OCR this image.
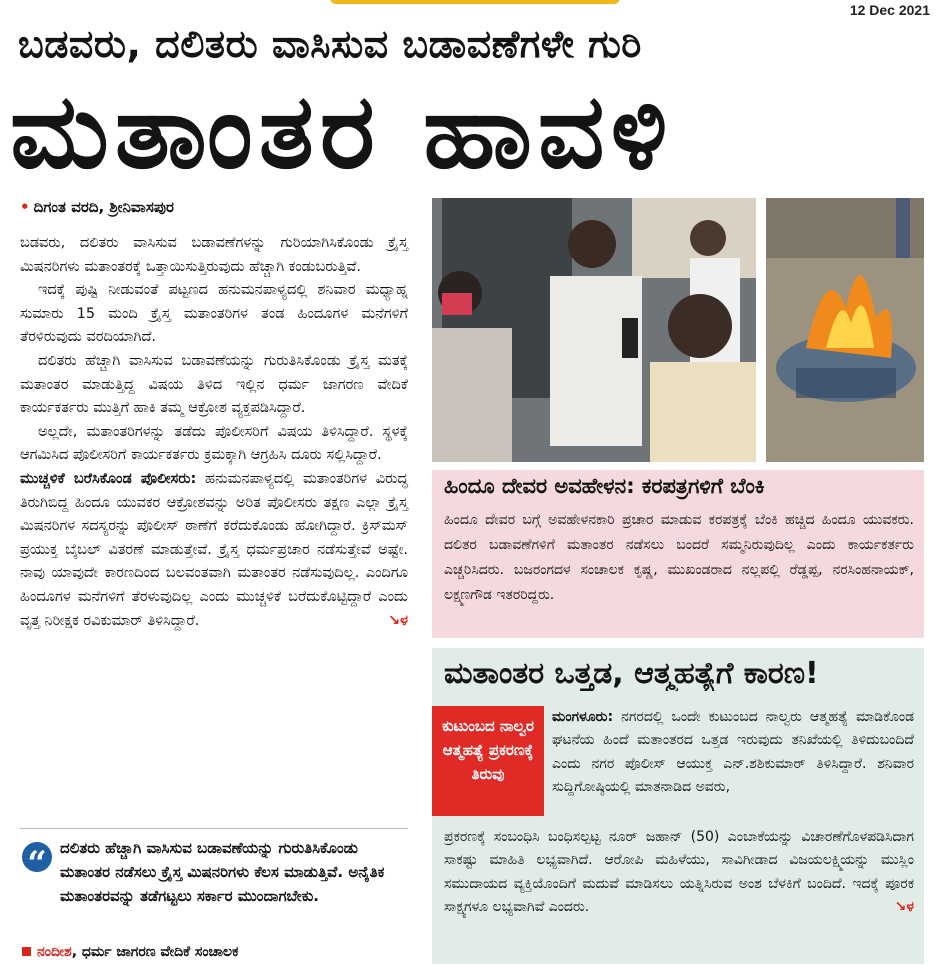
12 Dec 2021
ಬಡವರು, ದಲಿತರು ವಾಸಿಸುವ ಬಡಾವಣೆಗಳೇ ಗುರಿ
ಮತಾಂತರ ಹಾವಳಿ
• ದಿಗಂತ ವರದಿ, ಶ್ರೀನಿವಾಸಪುರ

ಬಡವರು, ದಲಿತರು ವಾಸಿಸುವ ಬಡಾವಣೆಗಳನ್ನು ಗುರಿಯಾಗಿಸಿಕೊಂಡು ಕ್ರೈಸ್ತ ಮಿಷನರಿಗಳು ಮತಾಂತರಕ್ಕೆ ಒತ್ತಾಯಿಸುತ್ತಿರುವುದು ಹೆಚ್ಚಾಗಿ ಕಂಡುಬರುತ್ತಿವೆ.

ಇದಕ್ಕೆ ಪುಷ್ಟಿ ನೀಡುವಂತೆ ಪಟ್ಟಣದ ಹನುಮನಪಾಳ್ಯದಲ್ಲಿ ಶನಿವಾರ ಮಧ್ಯಾಹ್ನ ಸುಮಾರು 15 ಮಂದಿ ಕ್ರೈಸ್ತ ಮತಾಂತರಿಗಳ ತಂಡ ಹಿಂದೂಗಳ ಮನೆಗಳಿಗೆ ತೆರಳಿರುವುದು ವರದಿಯಾಗಿದೆ.

ದಲಿತರು ಹೆಚ್ಚಾಗಿ ವಾಸಿಸುವ ಬಡಾವಣೆಯನ್ನು ಗುರುತಿಸಿಕೊಂಡು ಕ್ರೈಸ್ತ ಮತಕ್ಕೆ ಮತಾಂತರ ಮಾಡುತ್ತಿದ್ದ ವಿಷಯ ತಿಳಿದ ಇಲ್ಲಿನ ಧರ್ಮ ಜಾಗರಣ ವೇದಿಕೆ ಕಾರ್ಯಕರ್ತರು ಮುತ್ತಿಗೆ ಹಾಕಿ ತಮ್ಮ ಆಕ್ರೋಶ ವ್ಯಕ್ತಪಡಿಸಿದ್ದಾರೆ.

ಅಲ್ಲದೇ, ಮತಾಂತರಿಗಳನ್ನು ತಡೆದು ಪೊಲೀಸರಿಗೆ ವಿಷಯ ತಿಳಿಸಿದ್ದಾರೆ. ಸ್ಥಳಕ್ಕೆ ಆಗಮಿಸಿದ ಪೊಲೀಸರಿಗೆ ಕಾರ್ಯಕರ್ತರು ಕ್ರಮಕ್ಕಾಗಿ ಆಗ್ರಹಿಸಿ ದೂರು ಸಲ್ಲಿಸಿದ್ದಾರೆ.

ಮುಚ್ಚಳಿಕೆ ಬರೆಸಿಕೊಂಡ ಪೊಲೀಸರು: ಹನುಮನಪಾಳ್ಯದಲ್ಲಿ ಮತಾಂತರಿಗಳ ವಿರುದ್ಧ ತಿರುಗಿಬಿದ್ದ ಹಿಂದೂ ಯುವಕರ ಆಕ್ರೋಶವನ್ನು ಅರಿತ ಪೊಲೀಸರು ತಕ್ಷಣ ಎಲ್ಲಾ ಕ್ರೈಸ್ತ ಮಿಷನರಿಗಳ ಸದಸ್ಯರನ್ನು ಪೊಲೀಸ್ ಠಾಣೆಗೆ ಕರೆದುಕೊಂಡು ಹೋಗಿದ್ದಾರೆ. ಕ್ರಿಸ್‌ಮಸ್ ಪ್ರಯುಕ್ತ ಬೈಬಲ್ ವಿತರಣೆ ಮಾಡುತ್ತೇವೆ. ಕ್ರೈಸ್ತ ಧರ್ಮಪ್ರಚಾರ ನಡೆಸುತ್ತೇವೆ ಅಷ್ಟೇ. ನಾವು ಯಾವುದೇ ಕಾರಣದಿಂದ ಬಲವಂತವಾಗಿ ಮತಾಂತರ ನಡೆಸುವುದಿಲ್ಲ. ಎಂದಿಗೂ ಹಿಂದೂಗಳ ಮನೆಗಳಿಗೆ ತೆರಳುವುದಿಲ್ಲ ಎಂದು ಮುಚ್ಚಳಿಕೆ ಬರೆದುಕೊಟ್ಟಿದ್ದಾರೆ ಎಂದು ವೃತ್ತ ನಿರೀಕ್ಷಕ ರವಿಕುಮಾರ್ ತಿಳಿಸಿದ್ದಾರೆ.	↘ಳ

“ ದಲಿತರು ಹೆಚ್ಚಾಗಿ ವಾಸಿಸುವ ಬಡಾವಣೆಯನ್ನು ಗುರುತಿಸಿಕೊಂಡು ಮತಾಂತರ ನಡೆಸಲು ಕ್ರೈಸ್ತ ಮಿಷನರಿಗಳು ಕೆಲಸ ಮಾಡುತ್ತಿವೆ. ಅನೈತಿಕ ಮತಾಂತರವನ್ನು ತಡೆಗಟ್ಟಲು ಸರ್ಕಾರ ಮುಂದಾಗಬೇಕು.
ನಂದೀಶ, ಧರ್ಮ ಜಾಗರಣ ವೇದಿಕೆ ಸಂಚಾಲಕ
ಹಿಂದೂ ದೇವರ ಅವಹೇಳನ: ಕರಪತ್ರಗಳಿಗೆ ಬೆಂಕಿ
ಹಿಂದೂ ದೇವರ ಬಗ್ಗೆ ಅವಹೇಳನಕಾರಿ ಪ್ರಚಾರ ಮಾಡುವ ಕರಪತ್ರಕ್ಕೆ ಬೆಂಕಿ ಹಚ್ಚಿದ ಹಿಂದೂ ಯುವಕರು. ದಲಿತರ ಬಡಾವಣೆಗಳಿಗೆ ಮತಾಂತರ ನಡೆಸಲು ಬಂದರೆ ಸಮ್ಮನಿರುವುದಿಲ್ಲ ಎಂದು ಕಾರ್ಯಕರ್ತರು ಎಚ್ಚರಿಸಿದರು. ಬಜರಂಗದಳ ಸಂಚಾಲಕ ಕೃಷ್ಣ, ಮುಖಂಡರಾದ ನಲ್ಲಪಲ್ಲಿ ರೆಡ್ಡಪ್ಪ, ನರಸಿಂಹನಾಯಕ್, ಲಕ್ಷ್ಮಣಗೌಡ ಇತರರಿದ್ದರು.
ಮತಾಂತರ ಒತ್ತಡ, ಆತ್ಮಹತ್ಯೆಗೆ ಕಾರಣ!
ಕುಟುಂಬದ ನಾಲ್ವರ ಆತ್ಮಹತ್ಯೆ ಪ್ರಕರಣಕ್ಕೆ ತಿರುವು
ಮಂಗಳೂರು: ನಗರದಲ್ಲಿ ಒಂದೇ ಕುಟುಂಬದ ನಾಲ್ವರು ಆತ್ಮಹತ್ಯೆ ಮಾಡಿಕೊಂಡ ಘಟನೆಯ ಹಿಂದೆ ಮತಾಂತರದ ಒತ್ತಡ ಇರುವುದು ತನಿಖೆಯಲ್ಲಿ ತಿಳಿದುಬಂದಿದೆ ಎಂದು ನಗರ ಪೊಲೀಸ್ ಆಯುಕ್ತ ಎನ್.ಶಶಿಕುಮಾರ್ ತಿಳಿಸಿದ್ದಾರೆ. ಶನಿವಾರ ಸುದ್ದಿಗೋಷ್ಠಿಯಲ್ಲಿ ಮಾತನಾಡಿದ ಅವರು,
ಪ್ರಕರಣಕ್ಕೆ ಸಂಬಂಧಿಸಿ ಬಂಧಿಸಲ್ಪಟ್ಟ ನೂರ್ ಜಹಾನ್ (50) ಎಂಬಾಕೆಯನ್ನು ವಿಚಾರಣೆಗೊಳಪಡಿಸಿದಾಗ ಸಾಕಷ್ಟು ಮಾಹಿತಿ ಲಭ್ಯವಾಗಿದೆ. ಆರೋಪಿ ಮಹಿಳೆಯು, ಸಾವಿಗೀಡಾದ ವಿಜಯಲಕ್ಷ್ಮಿಯನ್ನು ಮುಸ್ಲಿಂ ಸಮುದಾಯದ ವ್ಯಕ್ತಿಯೊಂದಿಗೆ ಮದುವೆ ಮಾಡಿಸಲು ಯತ್ನಿಸಿರುವ ಅಂಶ ಬೆಳಕಿಗೆ ಬಂದಿದೆ. ಇದಕ್ಕೆ ಪೂರಕ ಸಾಕ್ಷ್ಯಗಳೂ ಲಭ್ಯವಾಗಿವೆ ಎಂದರು.	↘ಳ
